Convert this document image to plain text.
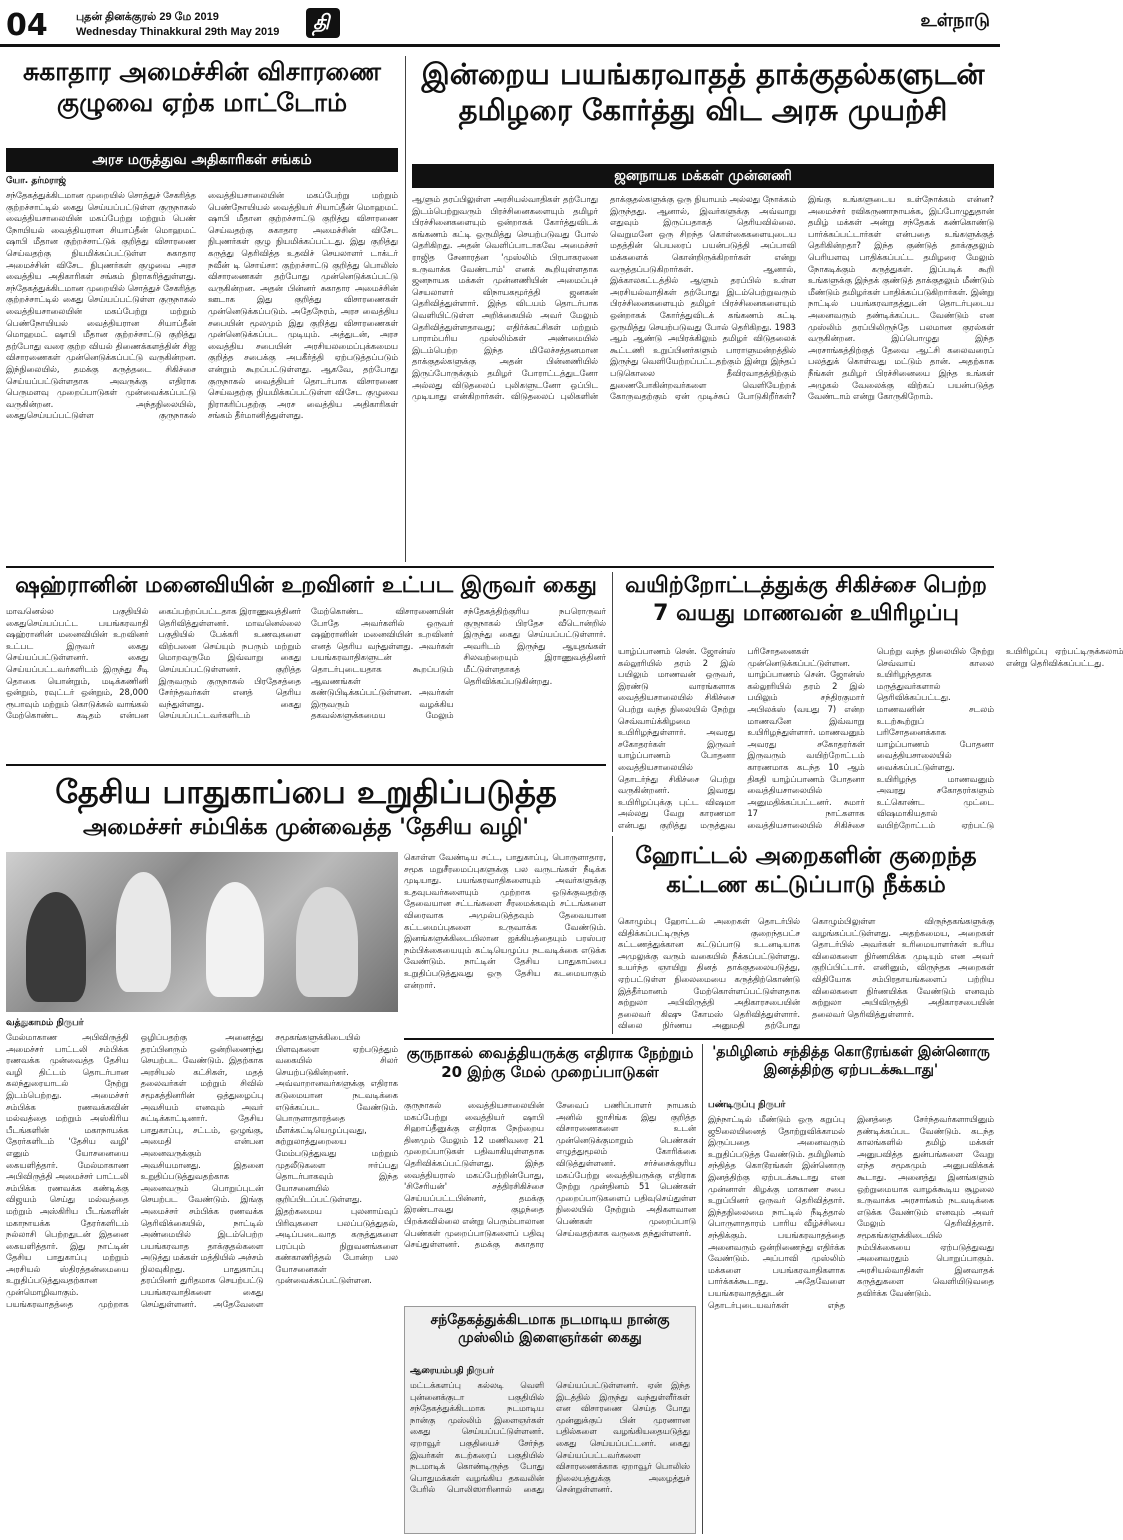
04	புதன் தினக்குரல் 29 மே 2019
Wednesday Thinakkural 29th May 2019 தி	உள்நாடு
சுகாதார அமைச்சின் விசாரணை குழுவை ஏற்க மாட்டோம்
அரச மருத்துவ அதிகாரிகள் சங்கம்
யோ. தர்மராஜ்
சந்தேகத்துக்கிடமான முறையில் சொத்துச் சேகரித்த குற்றச்சாட்டில் கைது செய்யப்பட்டுள்ள குருநாகல் வைத்தியசாலையின் மகப்பேற்று மற்றும் பெண் நோயியல் வைத்தியரான சியாப்தீன் மொஹமட் ஷாபி மீதான குற்றச்சாட்டுக் குறித்து விசாரணை செய்வதற்கு நியமிக்கப்பட்டுள்ள சுகாதார அமைச்சின் விசேட நிபுணர்கள் குழுவை அரச வைத்திய அதிகாரிகள் சங்கம் நிராகரித்துள்ளது. சந்தேகத்துக்கிடமான முறையில் சொத்துச் சேகரித்த குற்றச்சாட்டில் கைது செய்யப்பட்டுள்ள குருநாகல் வைத்தியசாலையின் மகப்பேற்று மற்றும் பெண்நோயியல் வைத்தியரான சியாப்தீன் மொஹமட் ஷாபி மீதான குற்றச்சாட்டு குறித்து தற்போது வரை குற்ற வியல் திணைக்களத்தின் சிஐ விசாரணைகள் முன்னெடுக்கப்பட்டு வருகின்றன. இந்நிலையில், தமக்கு கருத்தடை சிகிச்சை செய்யப்பட்டுள்ளதாக அவருக்கு எதிராக பெருமளவு முறைப்பாடுகள் முன்வைக்கப்பட்டு வருகின்றன. அந்தநிலையில், கைதுசெய்யப்பட்டுள்ள குருநாகல் வைத்தியசாலையின் மகப்பேற்று மற்றும் பெண்நோயியல் வைத்தியர் சியாப்தீன் மொஹமட் ஷாபி மீதான குற்றச்சாட்டு குறித்து விசாரணை செய்வதற்கு சுகாதார அமைச்சின் விசேட நிபுணர்கள் குழு நியமிக்கப்பட்டது. இது குறித்து கருத்து தெரிவித்த உதவிச் செயலாளர் டாக்டர் நவீன் டி சொய்சா: குற்றச்சாட்டு குறித்து பொலிஸ் விசாரணைகள் தற்போது முன்னெடுக்கப்பட்டு வருகின்றன. அதன் பின்னர் சுகாதார அமைச்சின் ஊடாக இது குறித்து விசாரணைகள் முன்னெடுக்கப்படும். அதேநேரம், அரச வைத்திய சபையின் மூலமும் இது குறித்து விசாரணைகள் முன்னெடுக்கப்பட முடியும். அத்துடன், அரச வைத்திய சபையின் அரசியலமைப்புக்கமைய குறித்த சபைக்கு அபகீர்த்தி ஏற்படுத்தப்படும் என்றும் கூறப்பட்டுள்ளது. ஆகவே, தற்போது குருநாகல் வைத்தியர் தொடர்பாக விசாரணை செய்வதற்கு நியமிக்கப்பட்டுள்ள விசேட குழுவை நிராகரிப்பதற்கு அரச வைத்திய அதிகாரிகள் சங்கம் தீர்மானித்துள்ளது.
இன்றைய பயங்கரவாதத் தாக்குதல்களுடன் தமிழரை கோர்த்து விட அரசு முயற்சி
ஜனநாயக மக்கள் முன்னணி
ஆளும் தரப்பிலுள்ள அரசியல்வாதிகள் தற்போது இடம்பெற்றுவரும் பிரச்சினைகளையும் தமிழர் பிரச்சினைகளையும் ஒன்றாகக் கோர்த்துவிடக் கங்கணம் கட்டி ஒருமித்து செயற்படுவது போல் தெரிகிறது. அதன் வெளிப்பாடாகவே அமைச்சர் ராஜித சேனாரத்ன 'முஸ்லிம் பிரபாகரனை உருவாக்க வேண்டாம்' எனக் கூறியுள்ளதாக ஜனநாயக மக்கள் முன்னணியின் அமைப்புச் செயலாளர் விநாயகமூர்த்தி ஜனகன் தெரிவித்துள்ளார். இந்த விடயம் தொடர்பாக வெளியிட்டுள்ள அறிக்கையில் அவர் மேலும் தெரிவித்துள்ளதாவது; எதிர்க்கட்சிகள் மற்றும் பாராம்பரிய முஸ்லிம்கள் அண்மையில் இடம்பெற்ற இந்த மிலேச்சத்தனமான தாக்குதல்களுக்கு அதன் பின்னணியில் இருப்போருக்கும் தமிழர் போராட்டத்துடனோ அல்லது விடுதலைப் புலிகளுடனோ ஒப்பிட முடியாது என்கிறார்கள். விடுதலைப் புலிகளின் தாக்குதல்களுக்கு ஒரு நியாயம் அல்லது நோக்கம் இருந்தது. ஆனால், இவர்களுக்கு அவ்வாறு எதுவும் இருப்பதாகத் தெரியவில்லை. வெறுமனே ஒரு சிறந்த கொள்கைகளையுடைய மதத்தின் பெயரைப் பயன்படுத்தி அப்பாவி மக்களைக் கொன்றிருக்கிறார்கள் என்று வருத்தப்படுகிறார்கள். ஆனால், இக்காலகட்டத்தில் ஆளும் தரப்பில் உள்ள அரசியல்வாதிகள் தற்போது இடம்பெற்றுவரும் பிரச்சினைகளையும் தமிழர் பிரச்சினைகளையும் ஒன்றாகக் கோர்த்துவிடக் கங்கணம் கட்டி ஒருமித்து செயற்படுவது போல் தெரிகிறது. 1983 ஆம் ஆண்டு அபிரக்கிலும் தமிழர் விடுதலைக் கூட்டணி உறுப்பினர்களும் பாராளுமன்றத்தில் இருந்து வெளியேற்றப்பட்டதற்கும் இன்று இந்தப் படுகொலை தீவிரவாதத்திற்கும் துணைபோகின்றவர்களை வெளியேற்றக் கோருவதற்கும் ஏன் முடிச்சுப் போடுகிறீர்கள்? இங்கு உங்களுடைய உள்நோக்கம் என்ன? அமைச்சர் ரவிகருணாநாயக்க, இப்போழுதுதான் தமிழ் மக்கள் அன்று சந்தேகக் கண்கொண்டு பார்க்கப்பட்டார்கள் என்பதை உங்களுக்குத் தெரிகின்றதா? இந்த குண்டுத் தாக்குதலும் பெரியளவு பாதிக்கப்பட்ட தமிழரை மேலும் நோகடிக்கும் கருத்துகள். இப்படிக் கூறி உங்களுக்கு இந்தக் குண்டுத் தாக்குதலும் மீண்டும் மீண்டும் தமிழர்கள் பாதிக்கப்படுகிறார்கள். இன்று நாட்டில் பயங்கரவாதத்துடன் தொடர்புடைய அனைவரும் தண்டிக்கப்பட வேண்டும் என முஸ்லிம் தரப்பிலிருந்தே பலமான குரல்கள் வருகின்றன. இப்பொழுது இந்த அரசாங்கத்திற்குத் தேவை ஆட்சி கலைவரைப் பலத்துக் கொள்வது மட்டும் தான். அதற்காக நீங்கள் தமிழர் பிரச்சினையை இந்த உங்கள் அழுகல் வேலைக்கு விற்கப் பயன்படுத்த வேண்டாம் என்று கோருகிறோம்.
ஷஹ்ரானின் மனைவியின் உறவினர் உட்பட இருவர் கைது
மாவனெல்ல பகுதியில் கைதுசெய்யப்பட்ட பயங்கரவாதி ஷஹ்ரானின் மனைவியின் உறவினர் உட்பட இருவர் கைது செய்யப்பட்டுள்ளனர். கைது செய்யப்பட்டவர்களிடம் இருந்து சீடி தொகை யொன்றும், மடிக்கணினி ஒன்றும், ரவுட்டர் ஒன்றும், 28,000 ரூபாவும் மற்றும் கொடுக்கல் வாங்கல் மேற்கொண்ட கடிதம் என்பன கைப்பற்றப்பட்டதாக இராணுவத்தினர் தெரிவித்துள்ளனர். மாவனெல்லை பகுதியில் பேக்கரி உணவுகளை விற்பனை செய்யும் நபரும் மற்றும் மொறவுருமே இவ்வாறு கைது செய்யப்பட்டுள்ளனர். குறித்த இருவரும் குருநாகல் பிரதேசத்தை சேர்ந்தவர்கள் எனத் தெரிய வந்துள்ளது. கைது செய்யப்பட்டவர்களிடம் மேற்கொண்ட விசாரணையின் போதே அவர்களில் ஒருவர் ஷஹ்ரானின் மனைவியின் உறவினர் எனத் தெரிய வந்துள்ளது. அவர்கள் பயங்கரவாதிகளுடன் தொடர்புடையதாக கூறப்படும் ஆவணங்கள் கண்டுபிடிக்கப்பட்டுள்ளன. அவர்கள் இருவரும் வழக்கிய தகவல்களுக்கமைய மேலும் சந்தேகத்திற்குரிய நபரொருவர் குருநாகல் பிரதேச வீடொன்றில் இருந்து கைது செய்யப்பட்டுள்ளார். அவரிடம் இருந்து ஆயுதங்கள் சிலவற்றையும் இராணுவத்தினர் மீட்டுள்ளதாகத் தெரிவிக்கப்படுகின்றது.
வயிற்றோட்டத்துக்கு சிகிச்சை பெற்ற 7 வயது மாணவன் உயிரிழப்பு
யாழ்ப்பாணம் சென். ஜோன்ஸ் கல்லூரியில் தரம் 2 இல் பயிலும் மாணவன் ஒருவர், இரண்டு வாரங்களாக வைத்தியசாலையில் சிகிச்சை பெற்று வந்த நிலையில் நேற்று செவ்வாய்க்கிழமை உயிரிழந்துள்ளார். அவரது சகோதரர்கள் இருவர் யாழ்ப்பாணம் போதனா வைத்தியசாலையில் தொடர்ந்து சிகிச்சை பெற்று வருகின்றனர். இவரது உயிரிழப்புக்கு புட்ட விஷமா அல்லது வேறு காரணமா என்பது குறித்து மருத்துவ பரிசோதனைகள் முன்னெடுக்கப்பட்டுள்ளன. யாழ்ப்பாணம் சென். ஜோன்ஸ் கல்லூரியில் தரம் 2 இல் பயிலும் சந்திரகுமார் அபிலக்ஸ் (வயது 7) என்ற மாணவனே இவ்வாறு உயிரிழந்துள்ளார். மாணவனும் அவரது சகோதரர்கள் இருவரும் வயிற்றோட்டம் காரணமாக கடந்த 10 ஆம் திகதி யாழ்ப்பாணம் போதனா வைத்தியசாலையில் அனுமதிக்கப்பட்டனர். சுமார் 17 நாட்களாக வைத்தியசாலையில் சிகிச்சை பெற்று வந்த நிலையில் நேற்று செவ்வாய் காலை உயிரிழந்ததாக மருத்துவர்களால் தெரிவிக்கப்பட்டது. மாணவனின் சடலம் உடற்கூற்றுப் பரிசோதனைக்காக யாழ்ப்பாணம் போதனா வைத்தியசாலையில் வைக்கப்பட்டுள்ளது. உயிரிழந்த மாணவனும் அவரது சகோதரர்களும் உட்கொண்ட முட்டை விஷமாகியதால் வயிற்றோட்டம் ஏற்பட்டு உயிரிழப்பு ஏற்பட்டிருக்கலாம் என்று தெரிவிக்கப்பட்டது.
தேசிய பாதுகாப்பை உறுதிப்படுத்த
அமைச்சர் சம்பிக்க முன்வைத்த 'தேசிய வழி'
கொள்ள வேண்டிய சட்ட, பாதுகாப்பு, பொருளாதார, சமூக மறுசீரமைப்புகளுக்கு பல வருடங்கள் நீடிக்க முடியாது. பயங்கரவாதிகளையும் அவர்களுக்கு உதவுபவர்களையும் முற்றாக ஒடுக்குவதற்கு தேவையான சட்டங்களை சீரமைக்கவும் சட்டங்களை விரைவாக அமுல்படுத்தவும் தேவையான கட்டமைப்புகளை உருவாக்க வேண்டும். இனங்களுக்கிடையிலான ஐக்கியத்தையும் பரஸ்பர நம்பிக்கையையும் கட்டியெழுப்ப நடவடிக்கை எடுக்க வேண்டும். நாட்டின் தேசிய பாதுகாப்பை உறுதிப்படுத்துவது ஒரு தேசிய கடமையாகும் என்றார்.
வத்துகாமம் நிருபர்
மேல்மாகாண அபிவிருத்தி அமைச்சர் பாட்டலி சம்பிக்க ரணவக்க முன்வைத்த தேசிய வழி திட்டம் தொடர்பான கலந்துரையாடல் நேற்று இடம்பெற்றது. அமைச்சர் சம்பிக்க ரணவக்கவின் மல்வத்தை மற்றும் அஸ்கிரிய பீடங்களின் மகாநாயக்க தேரர்களிடம் 'தேசிய வழி' எனும் யோசனையை கையளித்தார். மேல்மாகாண அபிவிருத்தி அமைச்சர் பாட்டலி சம்பிக்க ரணவக்க கண்டிக்கு விஜயம் செய்து மல்வத்தை மற்றும் அஸ்கிரிய பீடங்களின் மகாநாயக்க தேரர்களிடம் நல்லாசி பெற்றதுடன் இதனை கையளித்தார். இது நாட்டின் தேசிய பாதுகாப்பு மற்றும் அரசியல் ஸ்திரத்தன்மையை உறுதிப்படுத்துவதற்கான முன்மொழிவாகும். பயங்கரவாதத்தை முற்றாக ஒழிப்பதற்கு அனைத்து தரப்பினரும் ஒன்றிணைந்து செயற்பட வேண்டும். இதற்காக அரசியல் கட்சிகள், மதத் தலைவர்கள் மற்றும் சிவில் சமூகத்தினரின் ஒத்துழைப்பு அவசியம் எனவும் அவர் சுட்டிக்காட்டினார். தேசிய பாதுகாப்பு, சட்டம், ஒழுங்கு, அமைதி என்பன அனைவருக்கும் அவசியமானது. இதனை உறுதிப்படுத்துவதற்காக அனைவரும் பொறுப்புடன் செயற்பட வேண்டும். இங்கு அமைச்சர் சம்பிக்க ரணவக்க தெரிவிக்கையில், நாட்டில் அண்மையில் இடம்பெற்ற பயங்கரவாத தாக்குதல்களை அடுத்து மக்கள் மத்தியில் அச்சம் நிலவுகிறது. பாதுகாப்பு தரப்பினர் துரிதமாக செயற்பட்டு பயங்கரவாதிகளை கைது செய்துள்ளனர். அதேவேளை சமூகங்களுக்கிடையில் பிளவுகளை ஏற்படுத்தும் வகையில் சிலர் செயற்படுகின்றனர். அவ்வாறானவர்களுக்கு எதிராக கடுமையான நடவடிக்கை எடுக்கப்பட வேண்டும். பொருளாதாரத்தை மீளக்கட்டியெழுப்புவது, சுற்றுலாத்துறையை மேம்படுத்துவது மற்றும் முதலீடுகளை ஈர்ப்பது தொடர்பாகவும் இந்த யோசனையில் குறிப்பிடப்பட்டுள்ளது. இதற்கமைய புலனாய்வுப் பிரிவுகளை பலப்படுத்துதல், அடிப்படைவாத கருத்துகளை பரப்பும் நிறுவனங்களை கண்காணித்தல் போன்ற பல யோசனைகள் முன்வைக்கப்பட்டுள்ளன.
ஹோட்டல் அறைகளின் குறைந்த கட்டண கட்டுப்பாடு நீக்கம்
கொழும்பு ஹோட்டல் அறைகள் தொடர்பில் விதிக்கப்பட்டிருந்த குறைந்தபட்ச கட்டணத்துக்கான கட்டுப்பாடு உடனடியாக அமுலுக்கு வரும் வகையில் நீக்கப்பட்டுள்ளது. உயர்ந்த ஞாயிறு தினத் தாக்குதலையடுத்து, ஏற்பட்டுள்ள நிலைமையை கருத்திற்கொண்டு இத்தீர்மானம் மேற்கொள்ளப்பட்டுள்ளதாக சுற்றுலா அபிவிருத்தி அதிகாரசபையின் தலைவர் கிஷு கோமஸ் தெரிவித்துள்ளார். விலை நிர்ணய அனுமதி தற்போது கொழும்பிலுள்ள விருந்தகங்களுக்கு வழங்கப்பட்டுள்ளது. அதற்கமைய, அறைகள் தொடர்பில் அவர்கள் உரிமையாளர்கள் உரிய விலைகளை நிர்ணயிக்க முடியும் என அவர் குறிப்பிட்டார். எனினும், விருந்தக அறைகள் விதியோக சம்பிரதாயங்களைப் பற்றிய விலைகளை நிர்ணயிக்க வேண்டும் எனவும் சுற்றுலா அபிவிருத்தி அதிகாரசபையின் தலைவர் தெரிவித்துள்ளார்.
குருநாகல் வைத்தியருக்கு எதிராக நேற்றும் 20 இற்கு மேல் முறைப்பாடுகள்
குருநாகல் வைத்தியசாலையின் மகப்பேற்று வைத்தியர் ஷாபி சிஹாப்தீனுக்கு எதிராக நேற்றைய தினமும் மேலும் 12 மணிவரை 21 முறைப்பாடுகள் பதிவாகியுள்ளதாக தெரிவிக்கப்பட்டுள்ளது. இந்த வைத்தியரால் மகப்பேற்றின்போது, 'சிசேரியன்' சத்திரசிகிச்சை செய்யப்பட்டபின்னர், தமக்கு இரண்டாவது குழந்தை பிறக்கவில்லை என்று பெரும்பாலான பெண்கள் முறைப்பாடுகளைப் பதிவு செய்துள்ளனர். தமக்கு சுகாதார சேவைப் பணிப்பாளர் நாயகம் அனில் ஜாசிங்க இது குறித்த விசாரணைகளை உடன் முன்னெடுக்குமாறும் பெண்கள் எழுத்துமூலம் கோரிக்கை விடுத்துள்ளனர். சர்ச்சைக்குரிய மகப்பேற்று வைத்தியருக்கு எதிராக நேற்று முன்தினம் 51 பெண்கள் முறைப்பாடுகளைப் பதிவுசெய்துள்ள நிலையில் நேற்றும் அதிகளவான பெண்கள் முறைப்பாடு செய்வதற்காக வருகை தந்துள்ளனர்.
சந்தேகத்துக்கிடமாக நடமாடிய நான்கு முஸ்லிம் இளைஞர்கள் கைது
ஆரையம்பதி நிருபர்
மட்டக்களப்பு கல்லடி வெளி புன்னைக்குடா பகுதியில் சந்தேகத்துக்கிடமாக நடமாடிய நான்கு முஸ்லிம் இளைஞர்கள் கைது செய்யப்பட்டுள்ளனர். ஏறாவூர் பகுதியைச் சேர்ந்த இவர்கள் கடற்கரைப் பகுதியில் நடமாடிக் கொண்டிருந்த போது பொதுமக்கள் வழங்கிய தகவலின் பேரில் பொலிஸாரினால் கைது செய்யப்பட்டுள்ளனர். ஏன் இந்த இடத்தில் இருந்து வந்துள்ளீர்கள் என விசாரணை செய்த போது முன்னுக்குப் பின் முரணான பதில்களை வழங்கியதையடுத்து கைது செய்யப்பட்டனர். கைது செய்யப்பட்டவர்களை விசாரணைக்காக ஏறாவூர் பொலிஸ் நிலையத்துக்கு அழைத்துச் சென்றுள்ளனர்.
'தமிழினம் சந்தித்த கொடூரங்கள் இன்னொரு இனத்திற்கு ஏற்படக்கூடாது'
பண்டிருப்பு நிருபர்
இந்நாட்டில் மீண்டும் ஒரு கறுப்பு ஜூலையினைத் தோற்றுவிக்காமல் இருப்பதை அனைவரும் உறுதிப்படுத்த வேண்டும். தமிழினம் சந்தித்த கொடூரங்கள் இன்னொரு இனத்திற்கு ஏற்படக்கூடாது என முன்னாள் கிழக்கு மாகாண சபை உறுப்பினர் ஒருவர் தெரிவித்தார். இந்தநிலைமை நாட்டில் நீடித்தால் பொருளாதாரம் பாரிய வீழ்ச்சியை சந்திக்கும். பயங்கரவாதத்தை அனைவரும் ஒன்றிணைந்து எதிர்க்க வேண்டும். அப்பாவி முஸ்லிம் மக்களை பயங்கரவாதிகளாக பார்க்கக்கூடாது. அதேவேளை பயங்கரவாதத்துடன் தொடர்புடையவர்கள் எந்த இனத்தை சேர்ந்தவர்களாயினும் தண்டிக்கப்பட வேண்டும். கடந்த காலங்களில் தமிழ் மக்கள் அனுபவித்த துன்பங்களை வேறு எந்த சமூகமும் அனுபவிக்கக் கூடாது. அனைத்து இனங்களும் ஒற்றுமையாக வாழக்கூடிய சூழலை உருவாக்க அரசாங்கம் நடவடிக்கை எடுக்க வேண்டும் எனவும் அவர் மேலும் தெரிவித்தார். சமூகங்களுக்கிடையில் நம்பிக்கையை ஏற்படுத்துவது அனைவரதும் பொறுப்பாகும். அரசியல்வாதிகள் இனவாதக் கருத்துகளை வெளியிடுவதை தவிர்க்க வேண்டும்.
